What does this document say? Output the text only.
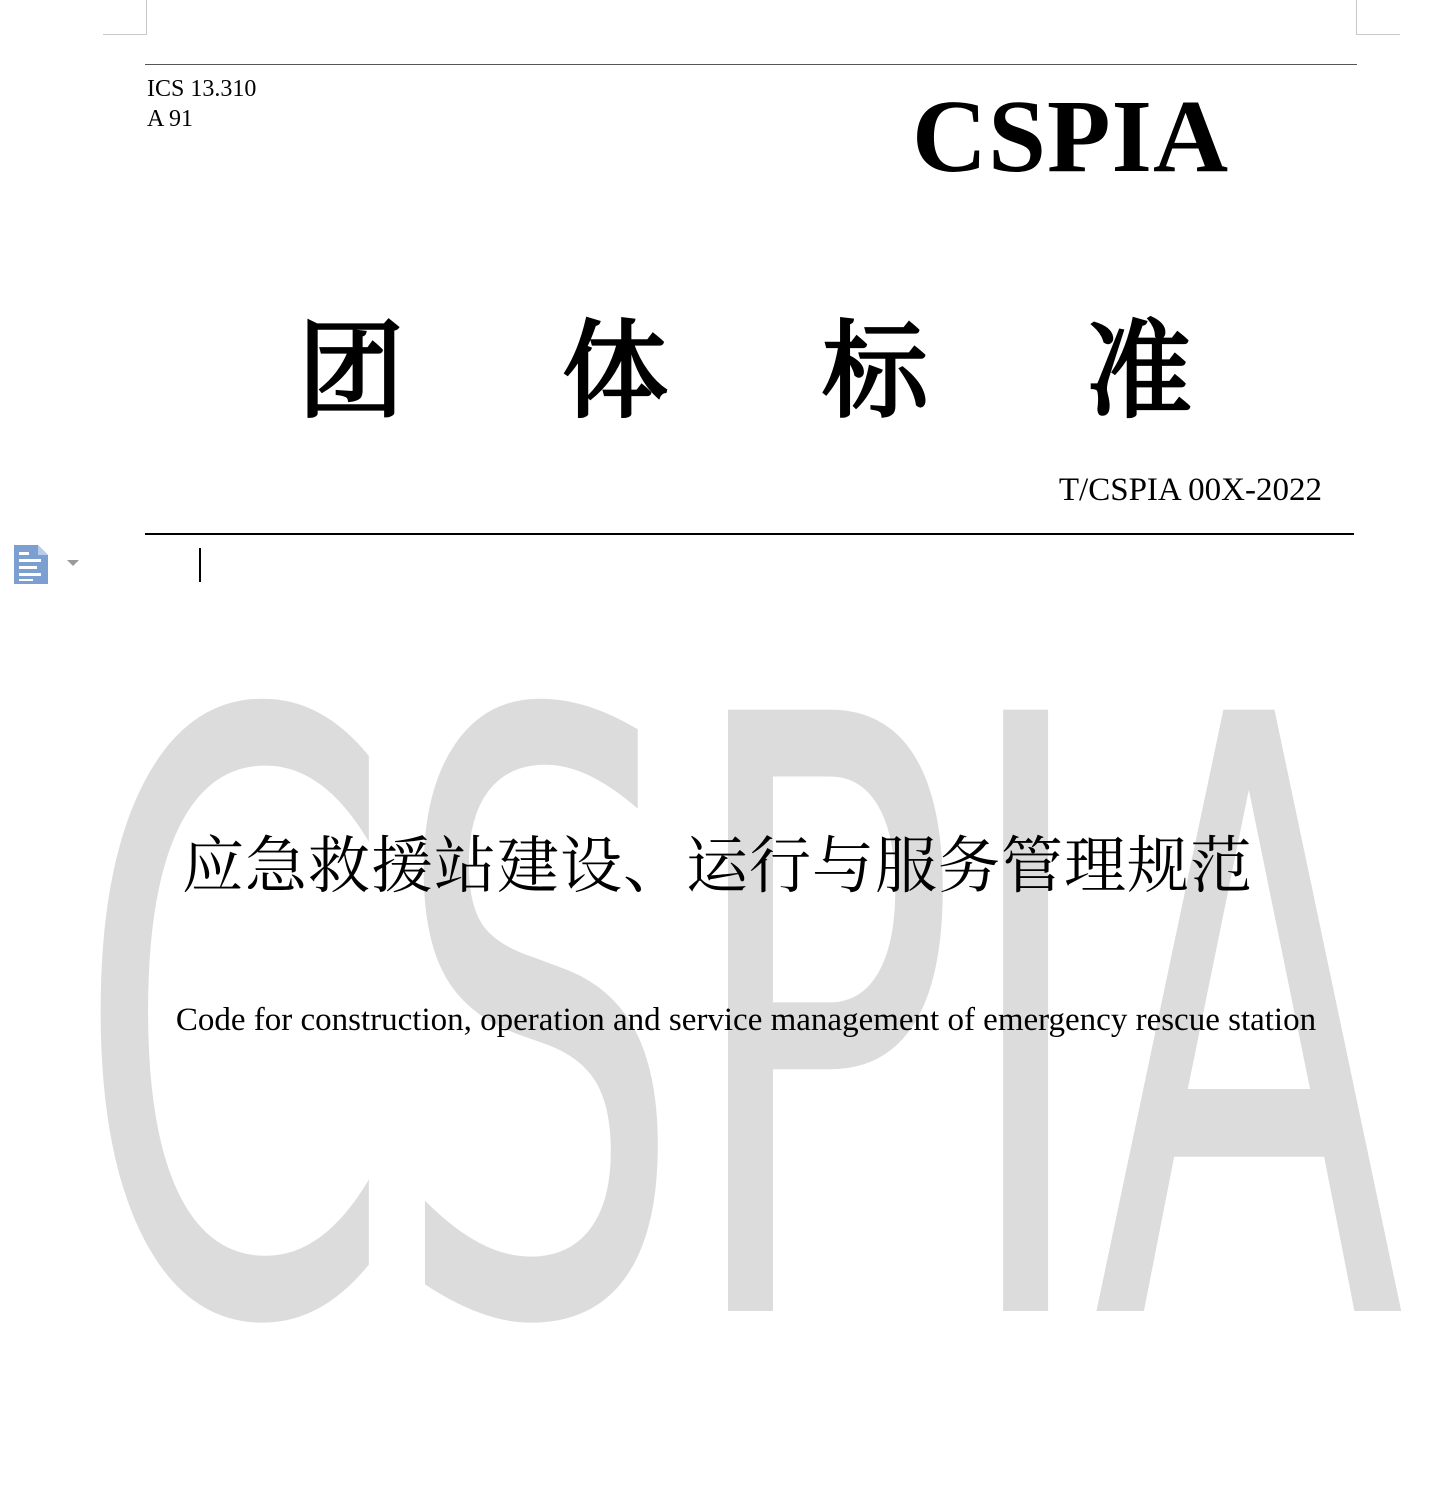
ICS 13.310
A 91	CSPIA
团 体 标 准
T/CSPIA 00X-2022
CSPIA
应急救援站建设、运行与服务管理规范
Code for construction, operation and service management of emergency rescue station
